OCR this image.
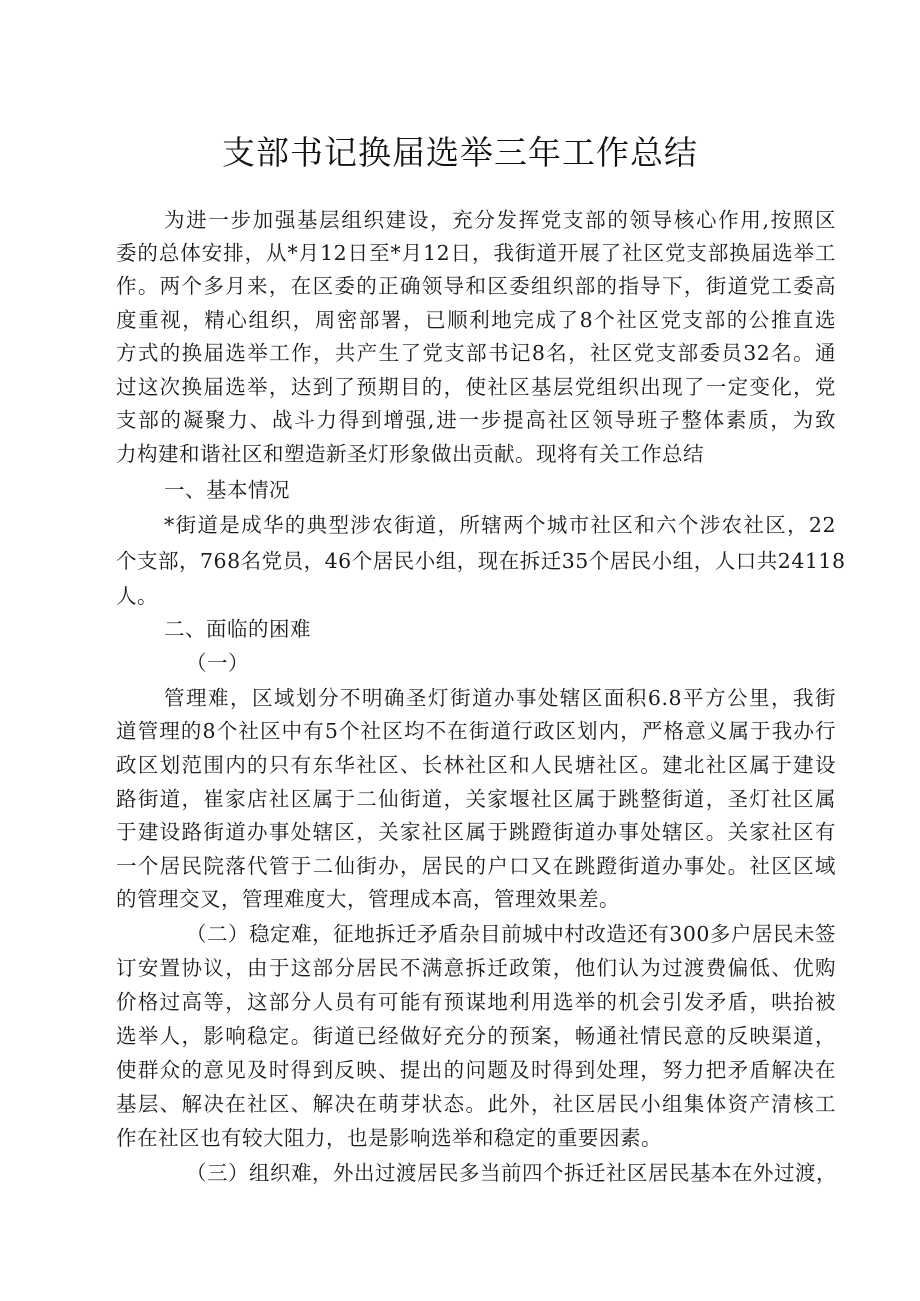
支部书记换届选举三年工作总结
为进一步加强基层组织建设，充分发挥党支部的领导核心作用,按照区
委的总体安排，从*月12日至*月12日，我街道开展了社区党支部换届选举工
作。两个多月来，在区委的正确领导和区委组织部的指导下，街道党工委高
度重视，精心组织，周密部署，已顺利地完成了8个社区党支部的公推直选
方式的换届选举工作，共产生了党支部书记8名，社区党支部委员32名。通
过这次换届选举，达到了预期目的，使社区基层党组织出现了一定变化，党
支部的凝聚力、战斗力得到增强,进一步提高社区领导班子整体素质，为致
力构建和谐社区和塑造新圣灯形象做出贡献。现将有关工作总结
一、基本情况
*街道是成华的典型涉农街道，所辖两个城市社区和六个涉农社区，22
个支部，768名党员，46个居民小组，现在拆迁35个居民小组，人口共24118
人。
二、面临的困难
（一）
管理难，区域划分不明确圣灯街道办事处辖区面积6.8平方公里，我街
道管理的8个社区中有5个社区均不在街道行政区划内，严格意义属于我办行
政区划范围内的只有东华社区、长林社区和人民塘社区。建北社区属于建设
路街道，崔家店社区属于二仙街道，关家堰社区属于跳整街道，圣灯社区属
于建设路街道办事处辖区，关家社区属于跳蹬街道办事处辖区。关家社区有
一个居民院落代管于二仙街办，居民的户口又在跳蹬街道办事处。社区区域
的管理交叉，管理难度大，管理成本高，管理效果差。
（二）稳定难，征地拆迁矛盾杂目前城中村改造还有300多户居民未签
订安置协议，由于这部分居民不满意拆迁政策，他们认为过渡费偏低、优购
价格过高等，这部分人员有可能有预谋地利用选举的机会引发矛盾，哄抬被
选举人，影响稳定。街道已经做好充分的预案，畅通社情民意的反映渠道，
使群众的意见及时得到反映、提出的问题及时得到处理，努力把矛盾解决在
基层、解决在社区、解决在萌芽状态。此外，社区居民小组集体资产清核工
作在社区也有较大阻力，也是影响选举和稳定的重要因素。
（三）组织难，外出过渡居民多当前四个拆迁社区居民基本在外过渡，
